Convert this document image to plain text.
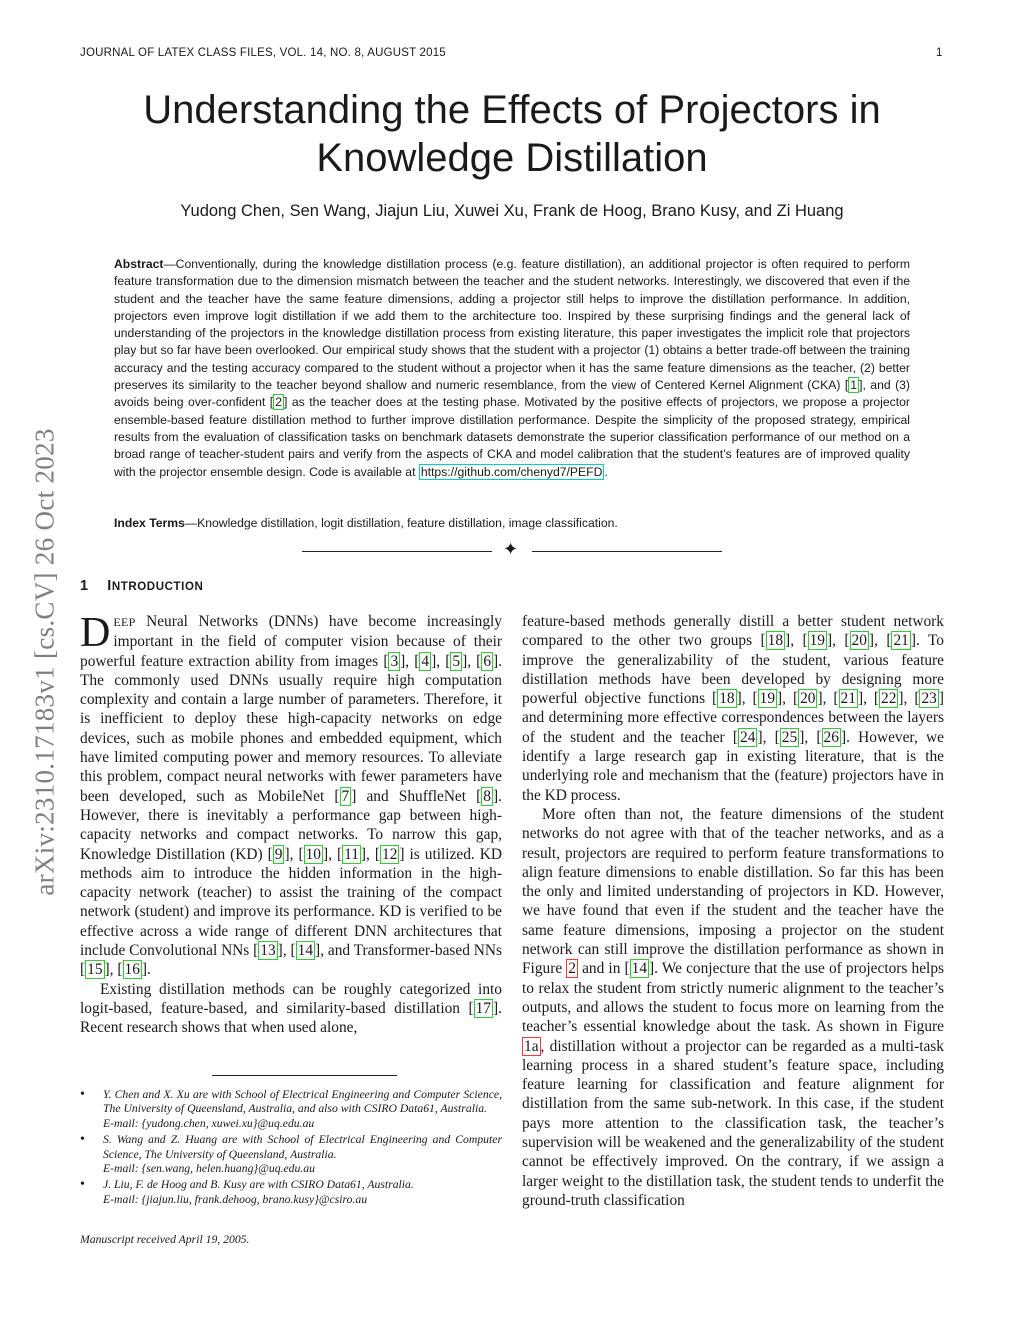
JOURNAL OF LATEX CLASS FILES, VOL. 14, NO. 8, AUGUST 2015	1
Understanding the Effects of Projectors in
Knowledge Distillation
Yudong Chen, Sen Wang, Jiajun Liu, Xuwei Xu, Frank de Hoog, Brano Kusy, and Zi Huang
Abstract—Conventionally, during the knowledge distillation process (e.g. feature distillation), an additional projector is often required to perform feature transformation due to the dimension mismatch between the teacher and the student networks. Interestingly, we discovered that even if the student and the teacher have the same feature dimensions, adding a projector still helps to improve the distillation performance. In addition, projectors even improve logit distillation if we add them to the architecture too. Inspired by these surprising findings and the general lack of understanding of the projectors in the knowledge distillation process from existing literature, this paper investigates the implicit role that projectors play but so far have been overlooked. Our empirical study shows that the student with a projector (1) obtains a better trade-off between the training accuracy and the testing accuracy compared to the student without a projector when it has the same feature dimensions as the teacher, (2) better preserves its similarity to the teacher beyond shallow and numeric resemblance, from the view of Centered Kernel Alignment (CKA) [ 1 ], and (3) avoids being over-confident [ 2 ] as the teacher does at the testing phase. Motivated by the positive effects of projectors, we propose a projector ensemble-based feature distillation method to further improve distillation performance. Despite the simplicity of the proposed strategy, empirical results from the evaluation of classification tasks on benchmark datasets demonstrate the superior classification performance of our method on a broad range of teacher-student pairs and verify from the aspects of CKA and model calibration that the student’s features are of improved quality with the projector ensemble design. Code is available at https://github.com/chenyd7/PEFD .
Index Terms—Knowledge distillation, logit distillation, feature distillation, image classification.
✦
1 INTRODUCTION

DEEP Neural Networks (DNNs) have become increasingly important in the field of computer vision because of their powerful feature extraction ability from images [ 3 ], [ 4 ], [ 5 ], [ 6 ]. The commonly used DNNs usually require high computation complexity and contain a large number of parameters. Therefore, it is inefficient to deploy these high-capacity networks on edge devices, such as mobile phones and embedded equipment, which have limited computing power and memory resources. To alleviate this problem, compact neural networks with fewer parameters have been developed, such as MobileNet [ 7 ] and ShuffleNet [ 8 ]. However, there is inevitably a performance gap between high-capacity networks and compact networks. To narrow this gap, Knowledge Distillation (KD) [ 9 ], [ 10 ], [ 11 ], [ 12 ] is utilized. KD methods aim to introduce the hidden information in the high-capacity network (teacher) to assist the training of the compact network (student) and improve its performance. KD is verified to be effective across a wide range of different DNN architectures that include Convolutional NNs [ 13 ], [ 14 ], and Transformer-based NNs [ 15 ], [ 16 ].

Existing distillation methods can be roughly categorized into logit-based, feature-based, and similarity-based distillation [ 17 ]. Recent research shows that when used alone,

feature-based methods generally distill a better student network compared to the other two groups [ 18 ], [ 19 ], [ 20 ], [ 21 ]. To improve the generalizability of the student, various feature distillation methods have been developed by designing more powerful objective functions [ 18 ], [ 19 ], [ 20 ], [ 21 ], [ 22 ], [ 23 ] and determining more effective correspondences between the layers of the student and the teacher [ 24 ], [ 25 ], [ 26 ]. However, we identify a large research gap in existing literature, that is the underlying role and mechanism that the (feature) projectors have in the KD process.

More often than not, the feature dimensions of the student networks do not agree with that of the teacher networks, and as a result, projectors are required to perform feature transformations to align feature dimensions to enable distillation. So far this has been the only and limited understanding of projectors in KD. However, we have found that even if the student and the teacher have the same feature dimensions, imposing a projector on the student network can still improve the distillation performance as shown in Figure 2 and in [ 14 ]. We conjecture that the use of projectors helps to relax the student from strictly numeric alignment to the teacher’s outputs, and allows the student to focus more on learning from the teacher’s essential knowledge about the task. As shown in Figure 1a , distillation without a projector can be regarded as a multi-task learning process in a shared student’s feature space, including feature learning for classification and feature alignment for distillation from the same sub-network. In this case, if the student pays more attention to the classification task, the teacher’s supervision will be weakened and the generalizability of the student cannot be effectively improved. On the contrary, if we assign a larger weight to the distillation task, the student tends to underfit the ground-truth classification

• Y. Chen and X. Xu are with School of Electrical Engineering and Computer Science, The University of Queensland, Australia, and also with CSIRO Data61, Australia.
E-mail: {yudong.chen, xuwei.xu}@uq.edu.au
• S. Wang and Z. Huang are with School of Electrical Engineering and Computer Science, The University of Queensland, Australia.
E-mail: {sen.wang, helen.huang}@uq.edu.au
• J. Liu, F. de Hoog and B. Kusy are with CSIRO Data61, Australia.
E-mail: {jiajun.liu, frank.dehoog, brano.kusy}@csiro.au
Manuscript received April 19, 2005.
arXiv:2310.17183v1 [cs.CV] 26 Oct 2023
